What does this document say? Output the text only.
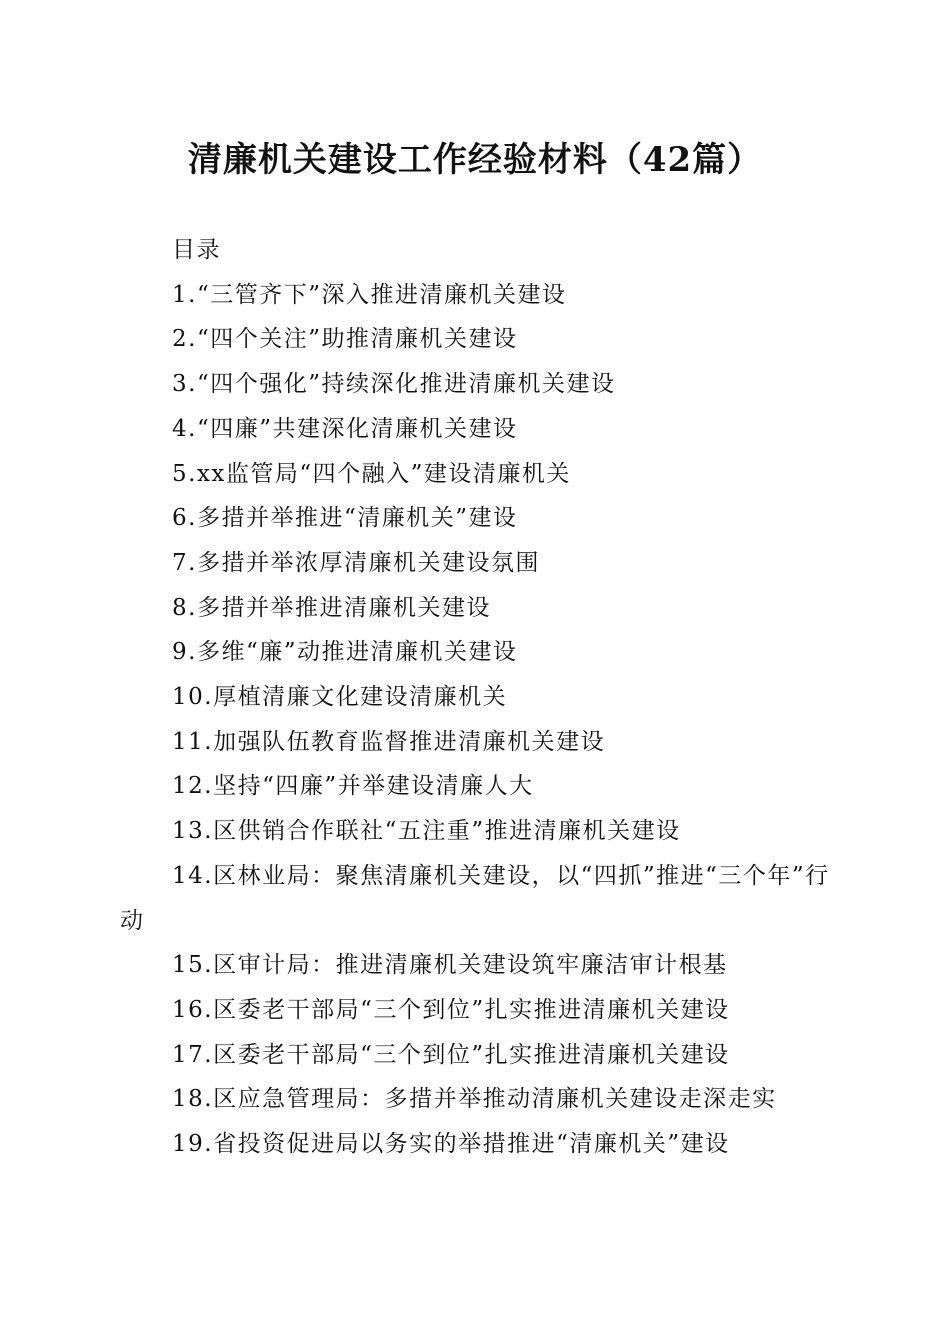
清廉机关建设工作经验材料（42篇）

目录

1.“三管齐下”深入推进清廉机关建设

2.“四个关注”助推清廉机关建设

3.“四个强化”持续深化推进清廉机关建设

4.“四廉”共建深化清廉机关建设

5.xx监管局“四个融入”建设清廉机关

6.多措并举推进“清廉机关”建设

7.多措并举浓厚清廉机关建设氛围

8.多措并举推进清廉机关建设

9.多维“廉”动推进清廉机关建设

10.厚植清廉文化建设清廉机关

11.加强队伍教育监督推进清廉机关建设

12.坚持“四廉”并举建设清廉人大

13.区供销合作联社“五注重”推进清廉机关建设

14.区林业局：聚焦清廉机关建设，以“四抓”推进“三个年”行动

15.区审计局：推进清廉机关建设筑牢廉洁审计根基

16.区委老干部局“三个到位”扎实推进清廉机关建设

17.区委老干部局“三个到位”扎实推进清廉机关建设

18.区应急管理局：多措并举推动清廉机关建设走深走实

19.省投资促进局以务实的举措推进“清廉机关”建设
